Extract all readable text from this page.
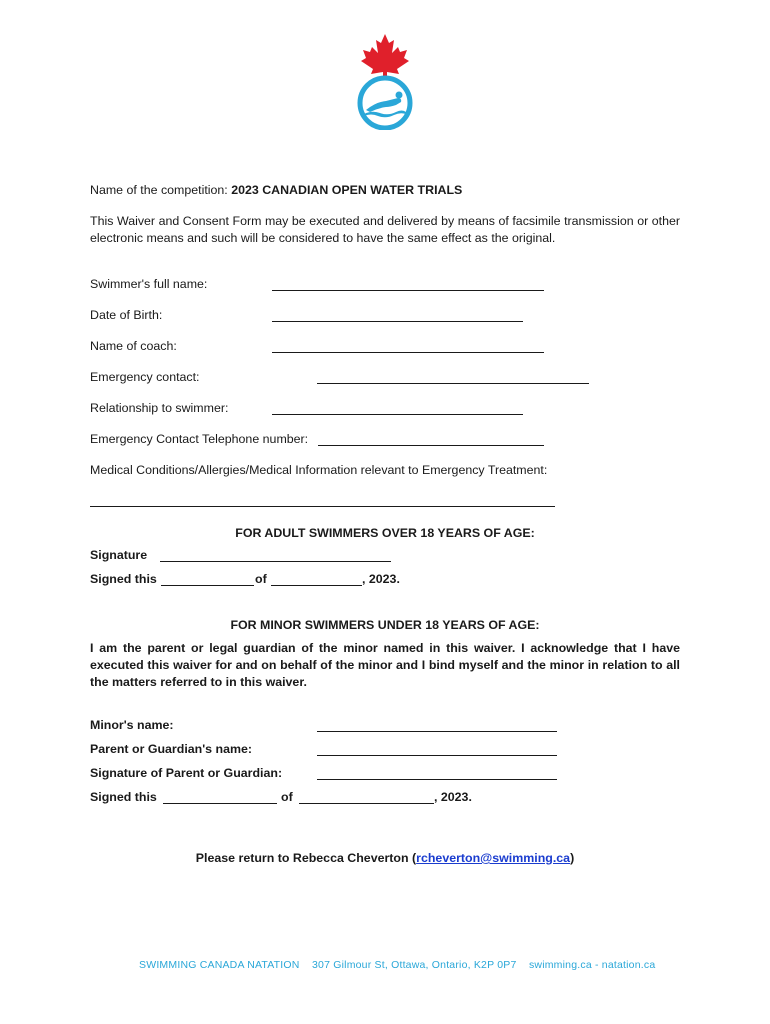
Name of the competition: 2023 CANADIAN OPEN WATER TRIALS
This Waiver and Consent Form may be executed and delivered by means of facsimile transmission or other electronic means and such will be considered to have the same effect as the original.
Swimmer's full name:
Date of Birth:
Name of coach:
Emergency contact:
Relationship to swimmer:
Emergency Contact Telephone number:
Medical Conditions/Allergies/Medical Information relevant to Emergency Treatment:
FOR ADULT SWIMMERS OVER 18 YEARS OF AGE:
Signature
Signed this	of	, 2023.
FOR MINOR SWIMMERS UNDER 18 YEARS OF AGE:
I am the parent or legal guardian of the minor named in this waiver. I acknowledge that I have executed this waiver for and on behalf of the minor and I bind myself and the minor in relation to all the matters referred to in this waiver.
Minor's name:
Parent or Guardian's name:
Signature of Parent or Guardian:
Signed this	of	, 2023.
Please return to Rebecca Cheverton (rcheverton@swimming.ca)
SWIMMING CANADA NATATION    307 Gilmour St, Ottawa, Ontario, K2P 0P7    swimming.ca - natation.ca
